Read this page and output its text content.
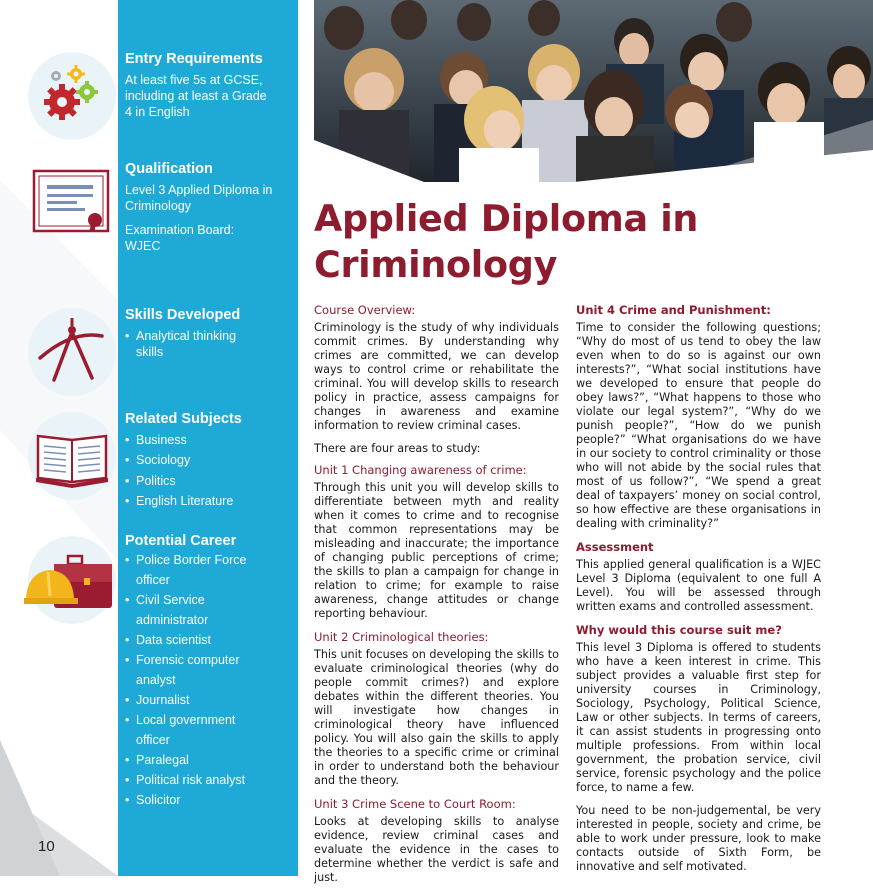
10
Entry Requirements
At least five 5s at GCSE, including at least a Grade 4 in English
Qualification
Level 3 Applied Diploma in Criminology
Examination Board: WJEC
Skills Developed
• Analytical thinking skills
Related Subjects
• Business
• Sociology
• Politics
• English Literature
Potential Career
• Police Border Force officer
• Civil Service administrator
• Data scientist
• Forensic computer analyst
• Journalist
• Local government officer
• Paralegal
• Political risk analyst
• Solicitor
Applied Diploma in Criminology
Course Overview:
Criminology is the study of why individuals commit crimes. By understanding why crimes are committed, we can develop ways to control crime or rehabilitate the criminal. You will develop skills to research policy in practice, assess campaigns for changes in awareness and examine information to review criminal cases.
There are four areas to study:
Unit 1 Changing awareness of crime:
Through this unit you will develop skills to differentiate between myth and reality when it comes to crime and to recognise that common representations may be misleading and inaccurate; the importance of changing public perceptions of crime; the skills to plan a campaign for change in relation to crime; for example to raise awareness, change attitudes or change reporting behaviour.
Unit 2 Criminological theories:
This unit focuses on developing the skills to evaluate criminological theories (why do people commit crimes?) and explore debates within the different theories. You will investigate how changes in criminological theory have influenced policy. You will also gain the skills to apply the theories to a specific crime or criminal in order to understand both the behaviour and the theory.
Unit 3 Crime Scene to Court Room:
Looks at developing skills to analyse evidence, review criminal cases and evaluate the evidence in the cases to determine whether the verdict is safe and just.
Unit 4 Crime and Punishment:
Time to consider the following questions; “Why do most of us tend to obey the law even when to do so is against our own interests?”, “What social institutions have we developed to ensure that people do obey laws?”, “What happens to those who violate our legal system?”, “Why do we punish people?”, “How do we punish people?” “What organisations do we have in our society to control criminality or those who will not abide by the social rules that most of us follow?”, “We spend a great deal of taxpayers’ money on social control, so how effective are these organisations in dealing with criminality?”
Assessment
This applied general qualification is a WJEC Level 3 Diploma (equivalent to one full A Level). You will be assessed through written exams and controlled assessment.
Why would this course suit me?
This level 3 Diploma is offered to students who have a keen interest in crime. This subject provides a valuable first step for university courses in Criminology, Sociology, Psychology, Political Science, Law or other subjects. In terms of careers, it can assist students in progressing onto multiple professions. From within local government, the probation service, civil service, forensic psychology and the police force, to name a few.
You need to be non-judgemental, be very interested in people, society and crime, be able to work under pressure, look to make contacts outside of Sixth Form, be innovative and self motivated.
